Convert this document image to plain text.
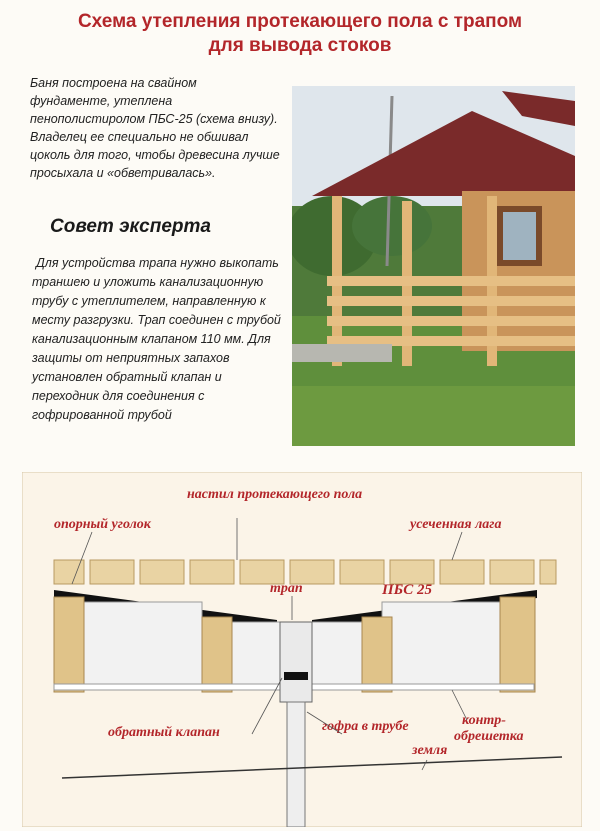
Схема утепления протекающего пола с трапом
для вывода стоков
Баня построена на свайном фундаменте, утеплена пенополистиролом ПБС-25 (схема внизу). Владелец ее специально не обшивал цоколь для того, чтобы древесина лучше просыхала и «обветривалась».
Совет эксперта
Для устройства трапа нужно выкопать траншею и уложить канализационную трубу с утеплителем, направленную к месту разгрузки. Трап соединен с трубой канализационным клапаном 110 мм. Для защиты от неприятных запахов установлен обратный клапан и переходник для соединения с гофрированной трубой
настил протекающего пола
опорный уголок	усеченная лага
трап	ПБС 25
обратный клапан	гофра в трубе	контр-
обрешетка
земля
